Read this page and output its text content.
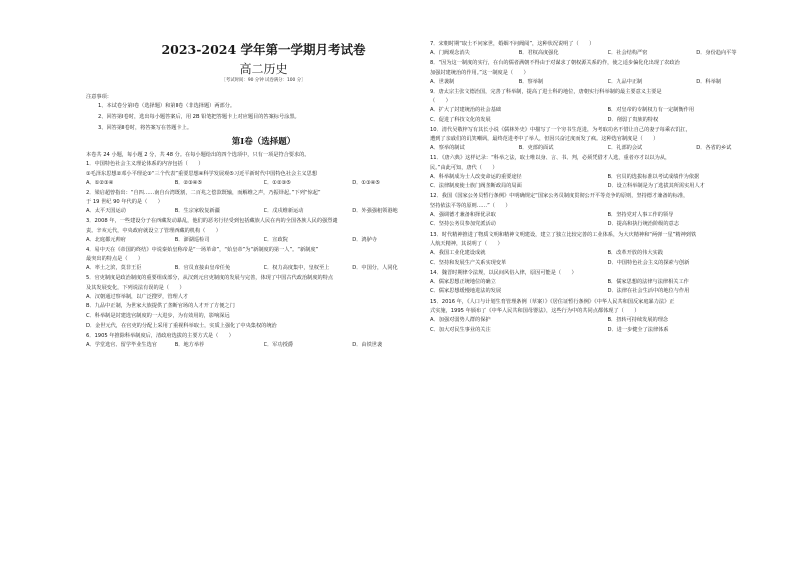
2023-2024 学年第一学期月考试卷
高二历史
［考试时间：90 分钟 试卷满分：100 分］
注意事项：
1、本试卷分第Ⅰ卷（选择题）和第Ⅱ卷（非选择题）两部分。
2、回答第Ⅰ卷时，选出每小题答案后，用 2B 铅笔把答题卡上对应题目的答案标号涂黑。
3、回答第Ⅱ卷时，将答案写在答题卡上。
第Ⅰ卷（选择题）
本卷共 24 小题，每小题 2 分，共 48 分。在每小题给出的四个选项中，只有一项是符合要求的。
1．中国特色社会主义理论体系的内容包括（　　）
①毛泽东思想②邓小平理论③“三个代表”重要思想④科学发展观⑤习近平新时代中国特色社会主义思想
A．①②③④	B．②③④⑤	C．①②③⑤	D．①③④⑤
2．梁启超曾指出：“自四……南自台湾既割，二百兆之偿款既输，而解维之声，乃振铎起。”下列“惊起”
于 19 世纪 90 年代的是（　　）
A．太平天国运动	B．生宗家收复新疆	C．戊戌维新运动	D．外强强租领港地
3．2008 年，一些建设分子在西藏发动暴乱，他们的恶劣行径受到包括藏族人民在内的全国各族人民的强烈谴
责。辛亥元代，中央政府就设立了管理西藏的机构（　　）
A．北庭都元帅府	B．澎湖巡检司	C．宣政院	D．鸿胪寺
4．易中天在《帝国的终结》中说秦始皇称帝是“一场革命”，“始皇帝”为“新制度的第一人”。“新制度”
最突出的特点是（　　）
A．率土之滨，莫非王臣	B．官员直接由皇帝任免	C．权力高度集中，皇权至上	D．中国分，人同化
5．官吏制度是政治制度的重要组成部分，从汉到元官吏制度的发展与完善，体现了中国古代政治制度的特点
及其发展变化，下列说法有误的是（　　）
A．汉朝通过察举制，以广泛搜罗，管理人才
B．九品中正制，为世家大族提供了垄断官场的人才开了方便之门
C．科举制是封建选官制度的一大进步，为有效用的，影响深远
D．金世元代，在官吏的分配上采用了重视科举取士，实质上强化了中央集权的统治
6．1905 年推除科举制度后，清政府选拔的主要方式是（　　）
A．学堂选官、留学毕业生选官	B．地方举荐	C．军功授爵	D．由铁世袭
7．宋朝时期“取士不问家世，婚姻不问阀阅”，这种状况说明了（　　）
A．门阀观念消失	B．君权高度强化	C．社会结构严密	D．身份趋向平等
8．“因为这一制度的实行，在台的儒者满朝不得由于对谋求了朝权源关系的作，使之适步偏化化出现了农政治
加强封建统治的作用。”这一制度是（　　）
A．世袭制	B．察举制	C．九品中正制	D．科举制
9．唐太宗主张文德治国，完善了科举制，提高了进士科的地位，唐朝实行科举制的最主要意义主要是
（　　）
A．扩大了封建统治的社会基础	B．对皇帝的专制权力有一定制衡作用
C．促进了科技文化的发展	D．削弱了贵族的特权
10．清代吴敬梓写有其长小说《儒林外史》中描写了一个穷书生范进，为考取功名不惜让自己的妻子每乘衣饥扛，
遭到了亲戚们的讥笑嘲讽，最终范进考中了举人，但因兴奋过度而发了疯。这种选官制度是（　　）
A．察举的制试	B．吏部的面试	C．礼部的会试	D．各省的乡试
11．《唐六典》这样记录：“科举之法，取士唯以身、言、书、判，必须凭借才人选，重者亦才以以为从，
民。”由此可知，唐代（　　）
A．科举制成为士人改变命运的重要途径	B．官员的选拔标准以考试成绩作为依据
C．法律制度使士族门阀垄断政局的局面	D．设立科举制是为了选拔其所需实用人才
12．我国《国家公务员暂行条例》中明确规定“国家公务员制度贯彻公开平等竞争的原则，坚持德才兼备的标准，
坚持依法平等的原则……”（　　）
A．强调德才兼备和择优录取	B．坚持党对人事工作的领导
C．坚持公务员参加党派活动	D．提高和执行统治阶级的意志
13．时代精神推进了物质文明和精神文明建设，建立了独立比较完善的工业体系，为大庆精神和“两弹一星”精神到铁
人航天精神，其说明了（　　）
A．我国工业化建设成就	B．改革开放的伟大实践
C．坚持和发展生产关系实现变革	D．中国特色社会主义的探索与创新
14．魏晋时期律令法规，以民间风俗入律，原因可能是（　　）
A．儒家思想正统地位的确立	B．儒家思想的法律与法律相关工作
C．儒家思想缓慢地进法的发展	D．法律在社会生活中的地位与作用
15．2016 年，《人口与计划生育管理条例（草案）》《居住证暂行条例》《中华人民共和国反家庭暴力法》正
式实施，1995 年颁布了《中华人民共和国母婴法》，这些行为中的共同点都体现了（　　）
A．加强对弱势人群的保护	B．扭转可持续发展的理念
C．加大对民生事业的关注	D．进一步健全了法律体系
